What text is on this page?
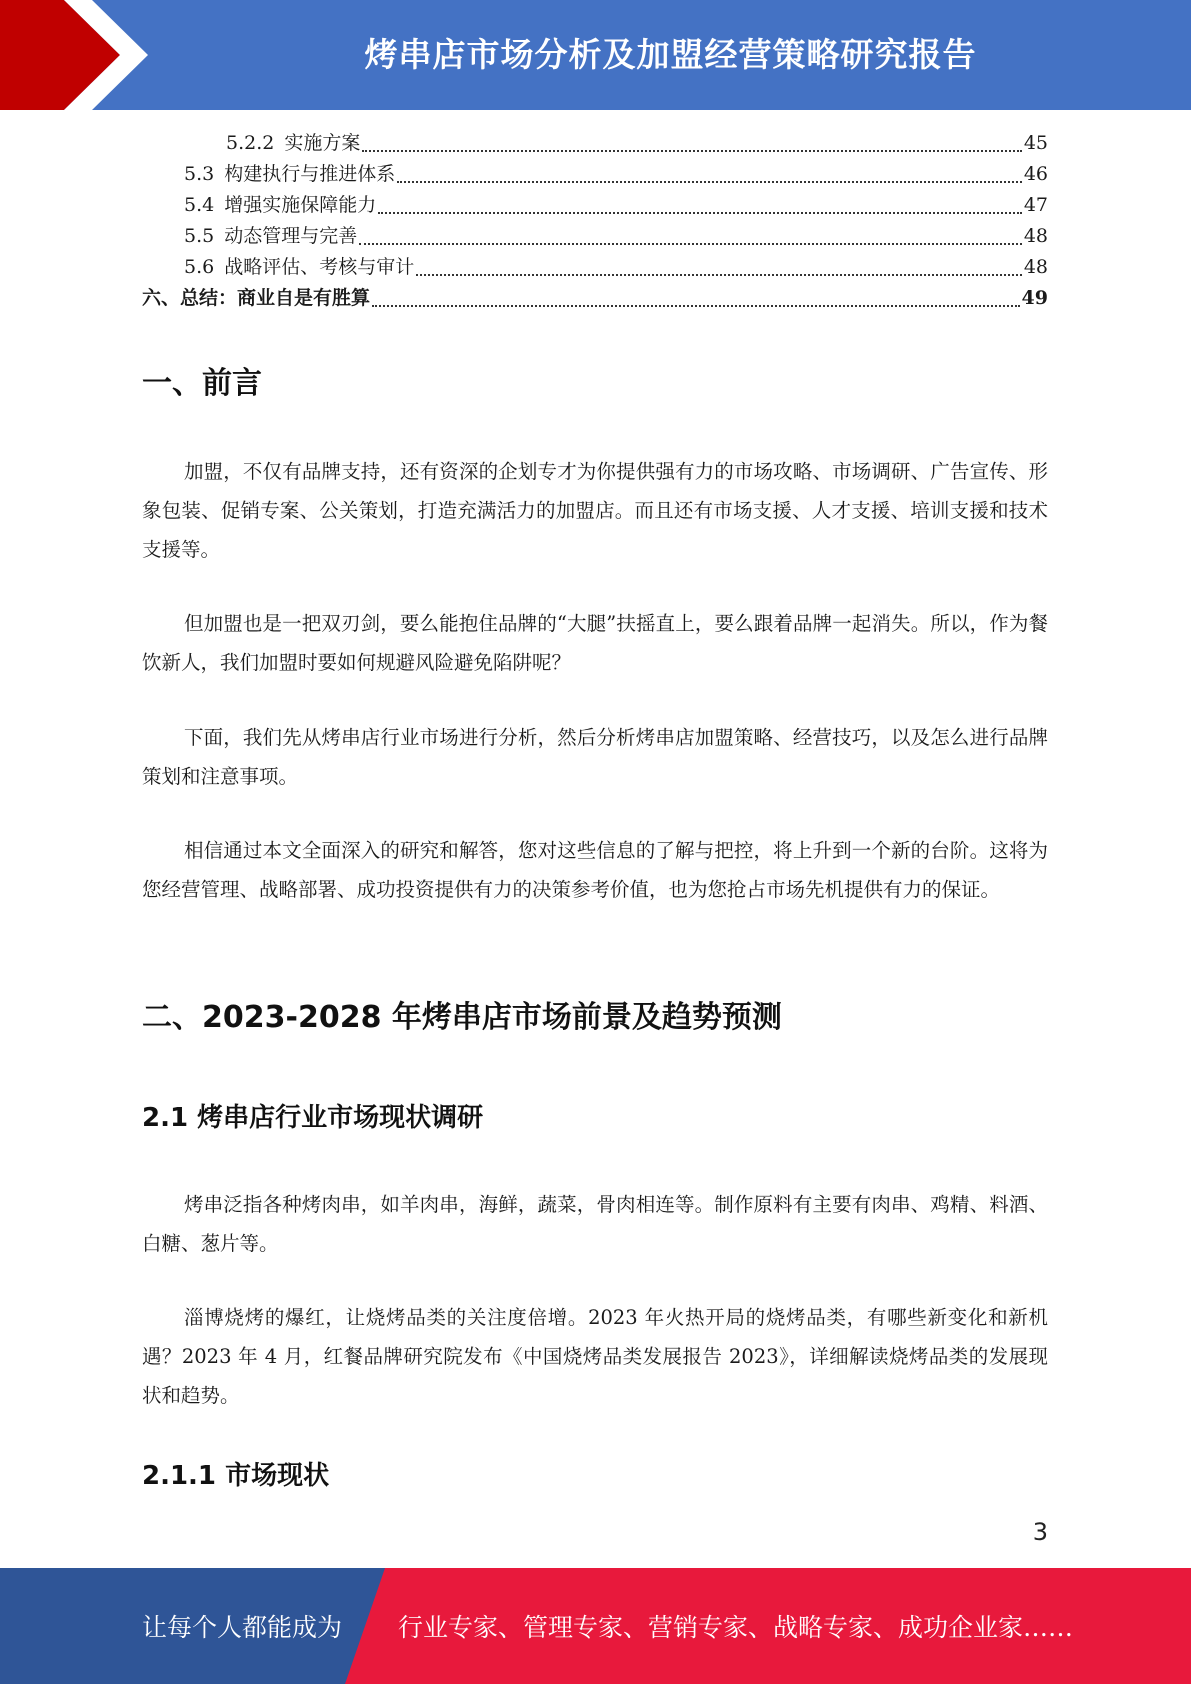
烤串店市场分析及加盟经营策略研究报告
5.2.2 实施方案	45
5.3 构建执行与推进体系	46
5.4 增强实施保障能力	47
5.5 动态管理与完善	48
5.6 战略评估、考核与审计	48
六、总结：商业自是有胜算	49
一、前言

加盟，不仅有品牌支持，还有资深的企划专才为你提供强有力的市场攻略、市场调研、广告宣传、形象包装、促销专案、公关策划，打造充满活力的加盟店。而且还有市场支援、人才支援、培训支援和技术支援等。

但加盟也是一把双刃剑，要么能抱住品牌的“大腿”扶摇直上，要么跟着品牌一起消失。所以，作为餐饮新人，我们加盟时要如何规避风险避免陷阱呢？

下面，我们先从烤串店行业市场进行分析，然后分析烤串店加盟策略、经营技巧，以及怎么进行品牌策划和注意事项。

相信通过本文全面深入的研究和解答，您对这些信息的了解与把控，将上升到一个新的台阶。这将为您经营管理、战略部署、成功投资提供有力的决策参考价值，也为您抢占市场先机提供有力的保证。

二、2023-2028 年烤串店市场前景及趋势预测
2.1 烤串店行业市场现状调研

烤串泛指各种烤肉串，如羊肉串，海鲜，蔬菜，骨肉相连等。制作原料有主要有肉串、鸡精、料酒、白糖、葱片等。

淄博烧烤的爆红，让烧烤品类的关注度倍增。2023 年火热开局的烧烤品类，有哪些新变化和新机遇？2023 年 4 月，红餐品牌研究院发布《中国烧烤品类发展报告 2023》，详细解读烧烤品类的发展现状和趋势。

2.1.1 市场现状
3
让每个人都能成为 行业专家、管理专家、营销专家、战略专家、成功企业家……
